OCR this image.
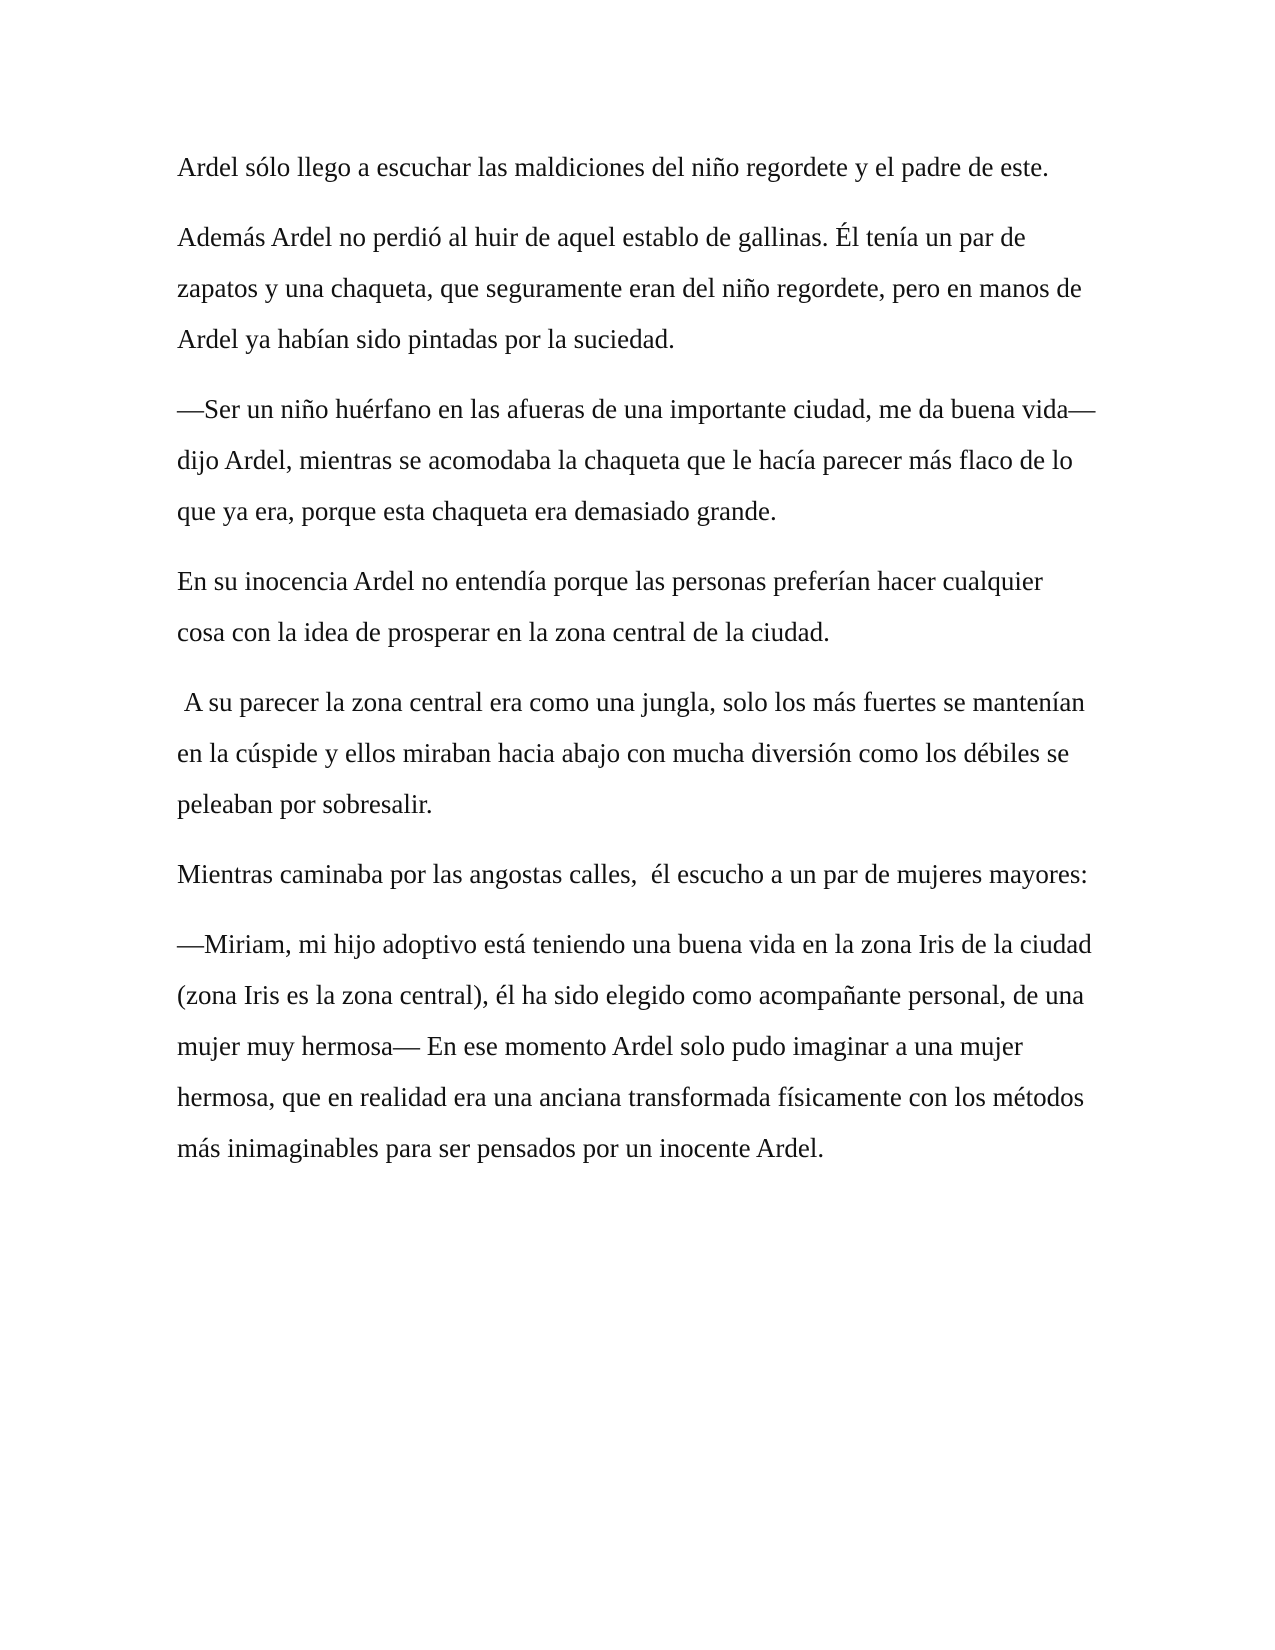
Ardel sólo llego a escuchar las maldiciones del niño regordete y el padre de este.

Además Ardel no perdió al huir de aquel establo de gallinas. Él tenía un par de zapatos y una chaqueta, que seguramente eran del niño regordete, pero en manos de Ardel ya habían sido pintadas por la suciedad.

—Ser un niño huérfano en las afueras de una importante ciudad, me da buena vida— dijo Ardel, mientras se acomodaba la chaqueta que le hacía parecer más flaco de lo que ya era, porque esta chaqueta era demasiado grande.

En su inocencia Ardel no entendía porque las personas preferían hacer cualquier cosa con la idea de prosperar en la zona central de la ciudad.

A su parecer la zona central era como una jungla, solo los más fuertes se mantenían en la cúspide y ellos miraban hacia abajo con mucha diversión como los débiles se peleaban por sobresalir.

Mientras caminaba por las angostas calles,  él escucho a un par de mujeres mayores:

—Miriam, mi hijo adoptivo está teniendo una buena vida en la zona Iris de la ciudad (zona Iris es la zona central), él ha sido elegido como acompañante personal, de una mujer muy hermosa— En ese momento Ardel solo pudo imaginar a una mujer hermosa, que en realidad era una anciana transformada físicamente con los métodos más inimaginables para ser pensados por un inocente Ardel.
